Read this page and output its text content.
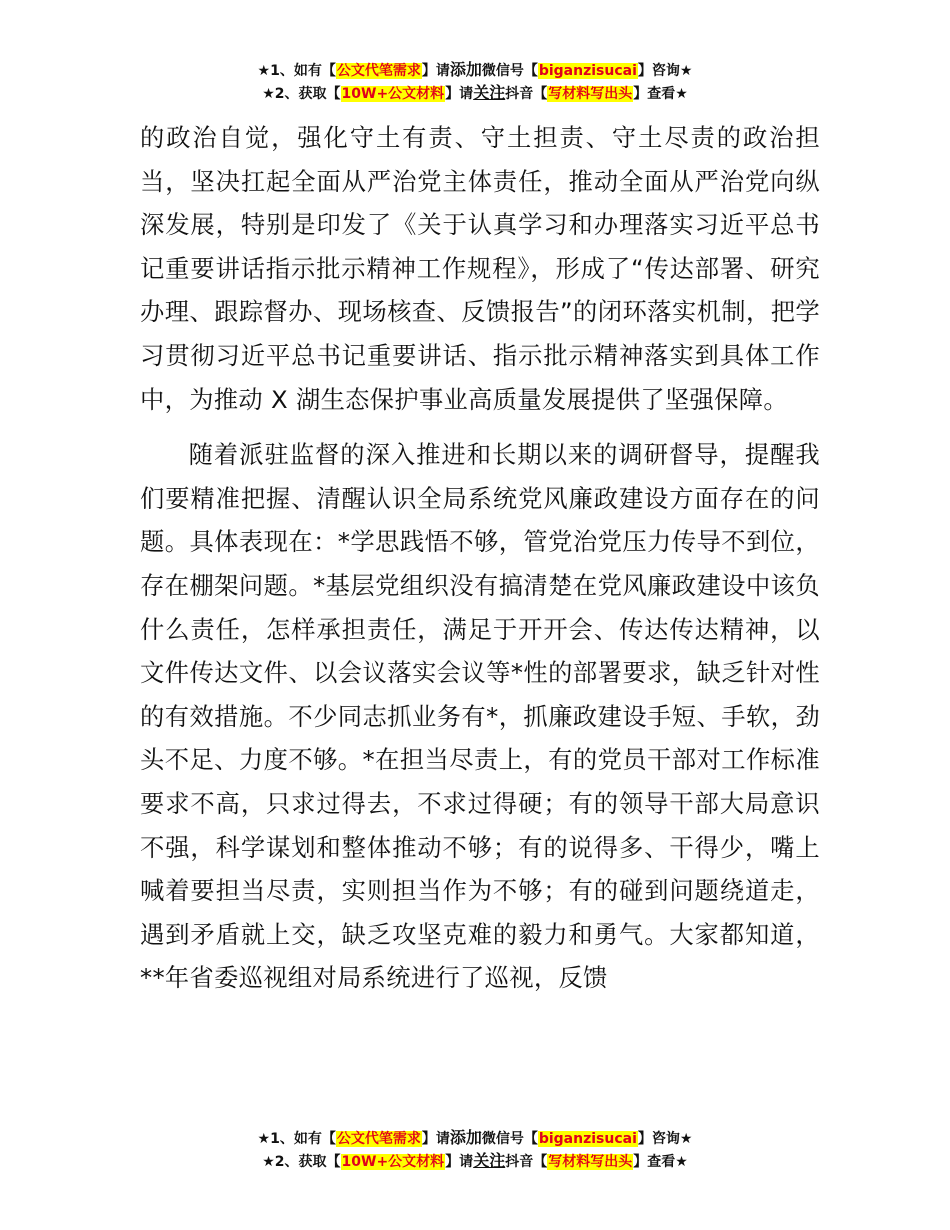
★1、如有【公文代笔需求】请添加微信号【biganzisucai】咨询★
★2、获取【10W+公文材料】请关注抖音【写材料写出头】查看★

的政治自觉，强化守土有责、守土担责、守土尽责的政治担当，坚决扛起全面从严治党主体责任，推动全面从严治党向纵深发展，特别是印发了《关于认真学习和办理落实习近平总书记重要讲话指示批示精神工作规程》，形成了“传达部署、研究办理、跟踪督办、现场核查、反馈报告”的闭环落实机制，把学习贯彻习近平总书记重要讲话、指示批示精神落实到具体工作中，为推动 X 湖生态保护事业高质量发展提供了坚强保障。

随着派驻监督的深入推进和长期以来的调研督导，提醒我们要精准把握、清醒认识全局系统党风廉政建设方面存在的问题。具体表现在：*学思践悟不够，管党治党压力传导不到位，存在棚架问题。*基层党组织没有搞清楚在党风廉政建设中该负什么责任，怎样承担责任，满足于开开会、传达传达精神，以文件传达文件、以会议落实会议等*性的部署要求，缺乏针对性的有效措施。不少同志抓业务有*，抓廉政建设手短、手软，劲头不足、力度不够。*在担当尽责上，有的党员干部对工作标准要求不高，只求过得去，不求过得硬；有的领导干部大局意识不强，科学谋划和整体推动不够；有的说得多、干得少，嘴上喊着要担当尽责，实则担当作为不够；有的碰到问题绕道走，遇到矛盾就上交，缺乏攻坚克难的毅力和勇气。大家都知道，**年省委巡视组对局系统进行了巡视，反馈

★1、如有【公文代笔需求】请添加微信号【biganzisucai】咨询★
★2、获取【10W+公文材料】请关注抖音【写材料写出头】查看★
